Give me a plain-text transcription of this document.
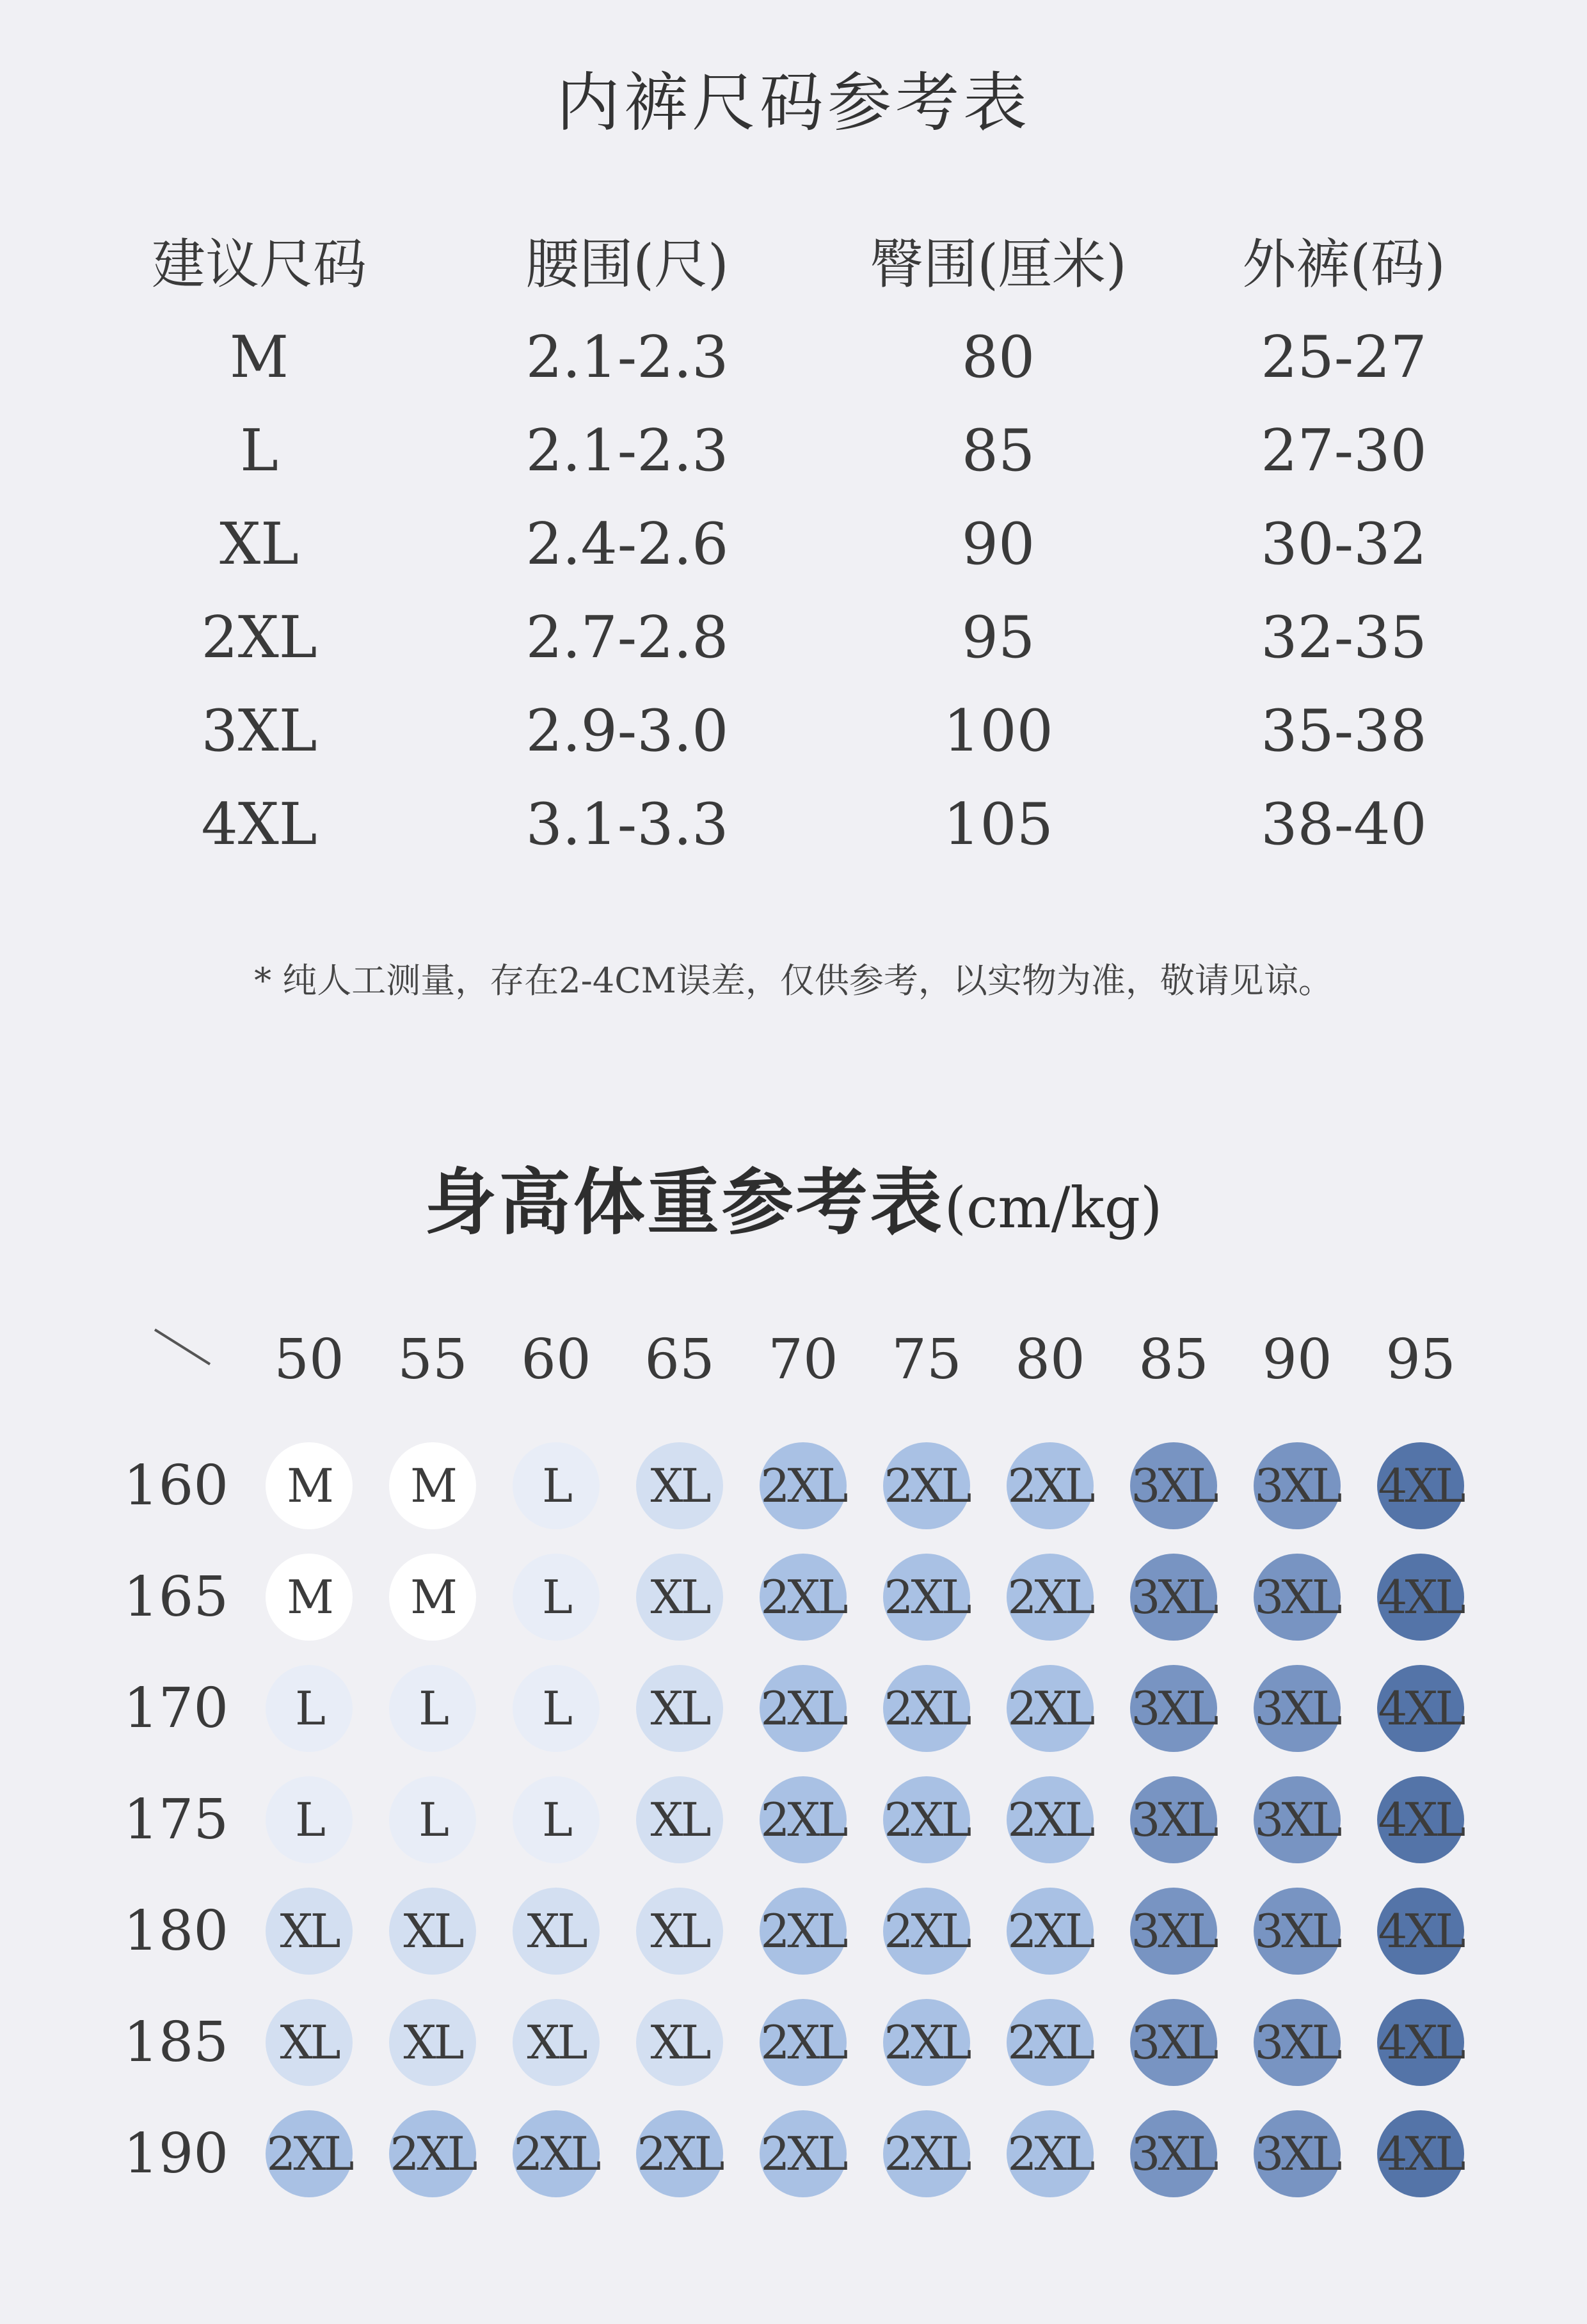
内裤尺码参考表
建议尺码	腰围(尺)	臀围(厘米)	外裤(码)
M	2.1-2.3	80	25-27
L	2.1-2.3	85	27-30
XL	2.4-2.6	90	30-32
2XL	2.7-2.8	95	32-35
3XL	2.9-3.0	100	35-38
4XL	3.1-3.3	105	38-40
* 纯人工测量，存在2-4CM误差，仅供参考，以实物为准，敬请见谅。
身高体重参考表(cm/kg)
50 55 60 65 70 75 80 85 90 95
160	M	M	L	XL	2XL 2XL 2XL 3XL 3XL 4XL
165	M	M	L	XL	2XL 2XL 2XL 3XL 3XL 4XL
170	L	L	L	XL	2XL 2XL 2XL 3XL 3XL 4XL
175	L	L	L	XL	2XL 2XL 2XL 3XL 3XL 4XL
180	XL	XL	XL	XL	2XL 2XL 2XL 3XL 3XL 4XL
185	XL	XL	XL	XL	2XL 2XL 2XL 3XL 3XL 4XL
190 2XL 2XL 2XL 2XL 2XL 2XL 2XL 3XL 3XL 4XL
